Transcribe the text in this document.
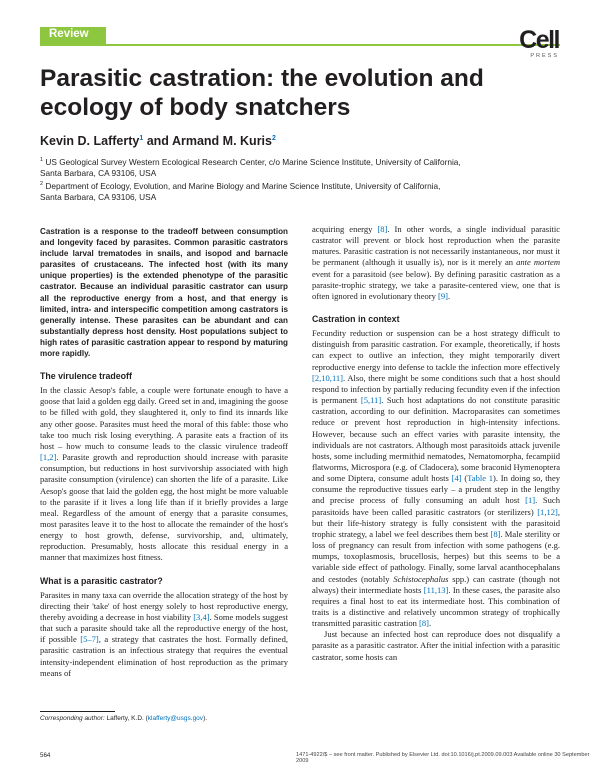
Review	Cell
PRESS
Parasitic castration: the evolution and ecology of body snatchers
Kevin D. Lafferty$^1$ and Armand M. Kuris$^2$
$^1$ US Geological Survey Western Ecological Research Center, c/o Marine Science Institute, University of California,
Santa Barbara, CA 93106, USA
$^2$ Department of Ecology, Evolution, and Marine Biology and Marine Science Institute, University of California,
Santa Barbara, CA 93106, USA

Castration is a response to the tradeoff between consumption and longevity faced by parasites. Common parasitic castrators include larval trematodes in snails, and isopod and barnacle parasites of crustaceans. The infected host (with its many unique properties) is the extended phenotype of the parasitic castrator. Because an individual parasitic castrator can usurp all the reproductive energy from a host, and that energy is limited, intra- and interspecific competition among castrators is generally intense. These parasites can be abundant and can substantially depress host density. Host populations subject to high rates of parasitic castration appear to respond by maturing more rapidly.

The virulence tradeoff

In the classic Aesop's fable, a couple were fortunate enough to have a goose that laid a golden egg daily. Greed set in and, imagining the goose to be filled with gold, they slaughtered it, only to find its innards like any other goose. Parasites must heed the moral of this fable: those who take too much risk losing everything. A parasite eats a fraction of its host – how much to consume leads to the classic virulence tradeoff [1,2]. Parasite growth and reproduction should increase with parasite consumption, but reductions in host survivorship associated with high parasite consumption (virulence) can shorten the life of a parasite. Like Aesop's goose that laid the golden egg, the host might be more valuable to the parasite if it lives a long life than if it briefly provides a large meal. Regardless of the amount of energy that a parasite consumes, most parasites leave it to the host to allocate the remainder of the host's energy to host growth, defense, survivorship, and, ultimately, reproduction. Presumably, hosts allocate this residual energy in a manner that maximizes host fitness.

What is a parasitic castrator?

Parasites in many taxa can override the allocation strategy of the host by directing their 'take' of host energy solely to host reproductive energy, thereby avoiding a decrease in host viability [3,4]. Some models suggest that such a parasite should take all the reproductive energy of the host, if possible [5–7], a strategy that castrates the host. Formally defined, parasitic castration is an infectious strategy that requires the eventual intensity-independent elimination of host reproduction as the primary means of

acquiring energy [8]. In other words, a single individual parasitic castrator will prevent or block host reproduction when the parasite matures. Parasitic castration is not necessarily instantaneous, nor must it be permanent (although it usually is), nor is it merely an ante mortem event for a parasitoid (see below). By defining parasitic castration as a parasite-trophic strategy, we take a parasite-centered view, one that is often ignored in evolutionary theory [9].

Castration in context

Fecundity reduction or suspension can be a host strategy difficult to distinguish from parasitic castration. For example, theoretically, if hosts can expect to outlive an infection, they might temporarily divert reproductive energy into defense to tackle the infection more effectively [2,10,11]. Also, there might be some conditions such that a host should respond to infection by partially reducing fecundity even if the infection is permanent [5,11]. Such host adaptations do not constitute parasitic castration, according to our definition. Macroparasites can sometimes reduce or prevent host reproduction in high-intensity infections. However, because such an effect varies with parasite intensity, the individuals are not castrators. Although most parasitoids attack juvenile hosts, some including mermithid nematodes, Nematomorpha, fecampiid flatworms, Microspora (e.g. of Cladocera), some braconid Hymenoptera and some Diptera, consume adult hosts [4] (Table 1). In doing so, they consume the reproductive tissues early – a prudent step in the lengthy and precise process of fully consuming an adult host [1]. Such parasitoids have been called parasitic castrators (or sterilizers) [1,12], but their life-history strategy is fully consistent with the parasitoid trophic strategy, a label we feel describes them best [8]. Male sterility or loss of pregnancy can result from infection with some pathogens (e.g. mumps, toxoplasmosis, brucellosis, herpes) but this seems to be a variable side effect of pathology. Finally, some larval acanthocephalans and cestodes (notably Schistocephalus spp.) can castrate (though not always) their intermediate hosts [11,13]. In these cases, the parasite also requires a final host to eat its intermediate host. This combination of traits is a distinctive and relatively uncommon strategy of trophically transmitted parasitic castration [8].

Just because an infected host can reproduce does not disqualify a parasite as a parasitic castrator. After the initial infection with a parasitic castrator, some hosts can

Corresponding author: Lafferty, K.D. (klafferty@usgs.gov).
564	1471-4922/$ – see front matter. Published by Elsevier Ltd. doi:10.1016/j.pt.2009.09.003 Available online 30 September 2009
